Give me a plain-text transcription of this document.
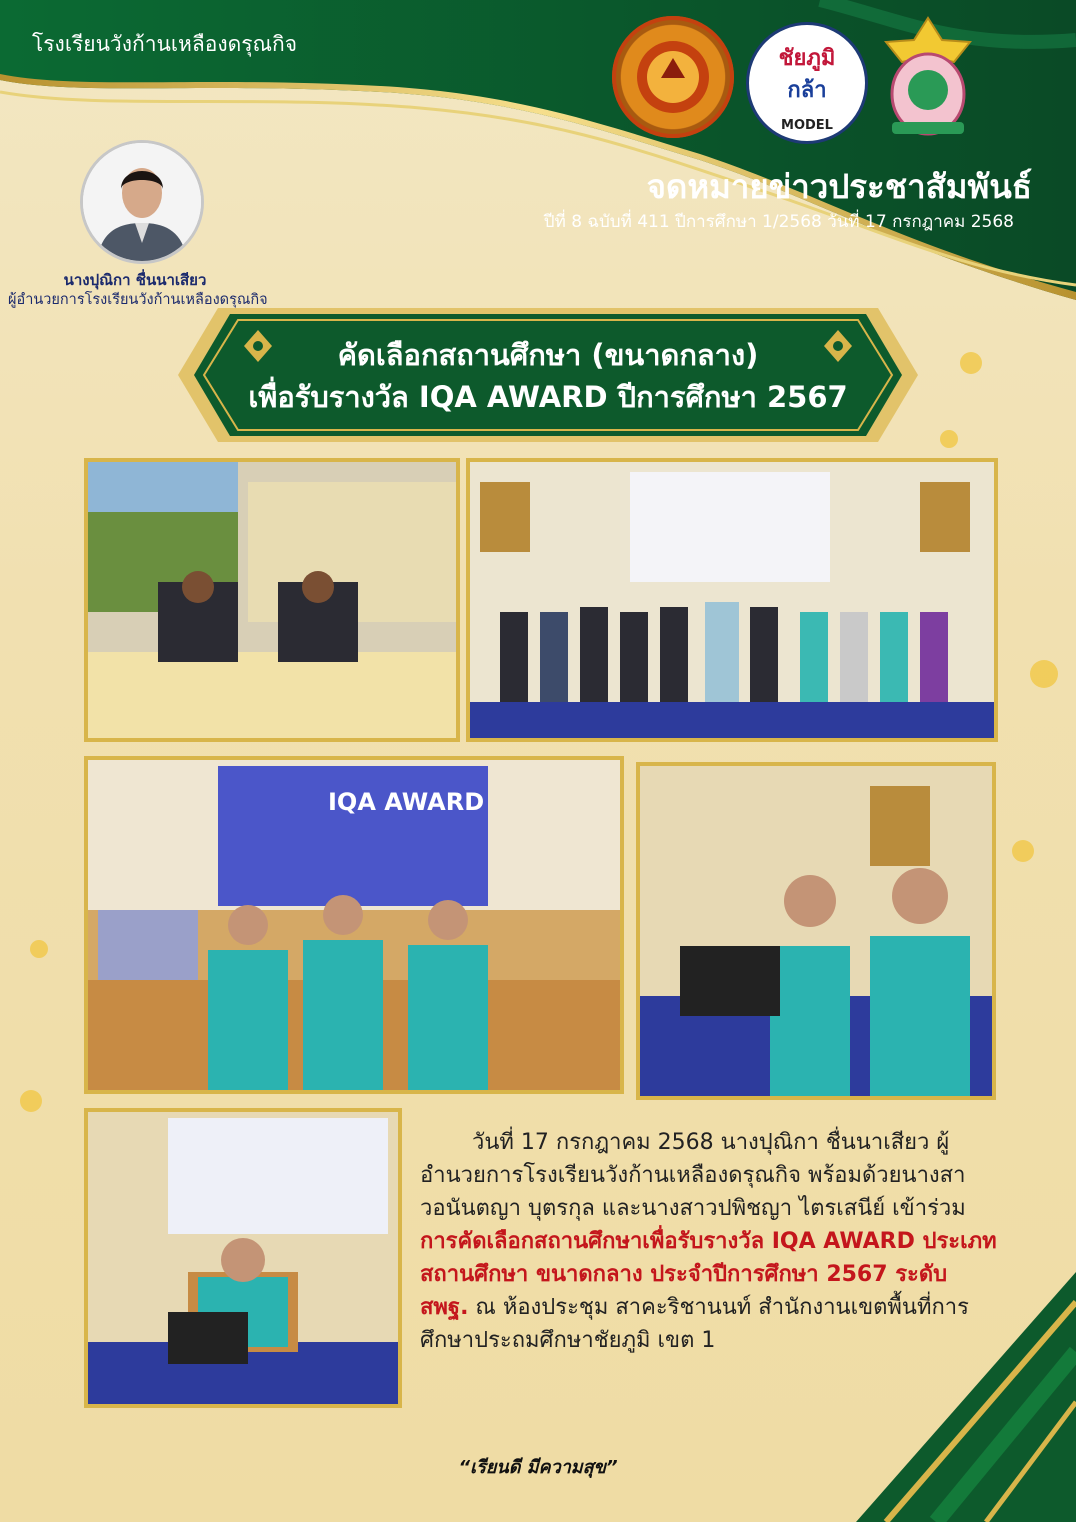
โรงเรียนวังก้านเหลืองดรุณกิจ
ชัยภูมิ
กล้า
MODEL
จดหมายข่าวประชาสัมพันธ์
ปีที่ 8 ฉบับที่ 411 ปีการศึกษา 1/2568 วันที่ 17 กรกฎาคม 2568
นางปุณิกา ชื่นนาเสียว
ผู้อำนวยการโรงเรียนวังก้านเหลืองดรุณกิจ
คัดเลือกสถานศึกษา (ขนาดกลาง)
เพื่อรับรางวัล IQA AWARD ปีการศึกษา 2567
IQA AWARD
วันที่ 17 กรกฎาคม 2568 นางปุณิกา ชื่นนาเสียว ผู้อำนวยการโรงเรียนวังก้านเหลืองดรุณกิจ พร้อมด้วยนางสาวอนันตญา บุตรกุล และนางสาวปพิชญา ไตรเสนีย์ เข้าร่วมการคัดเลือกสถานศึกษาเพื่อรับรางวัล IQA AWARD ประเภทสถานศึกษา ขนาดกลาง ประจำปีการศึกษา 2567 ระดับ สพฐ. ณ ห้องประชุม สาคะริชานนท์ สำนักงานเขตพื้นที่การศึกษาประถมศึกษาชัยภูมิ เขต 1
“เรียนดี มีความสุข”
